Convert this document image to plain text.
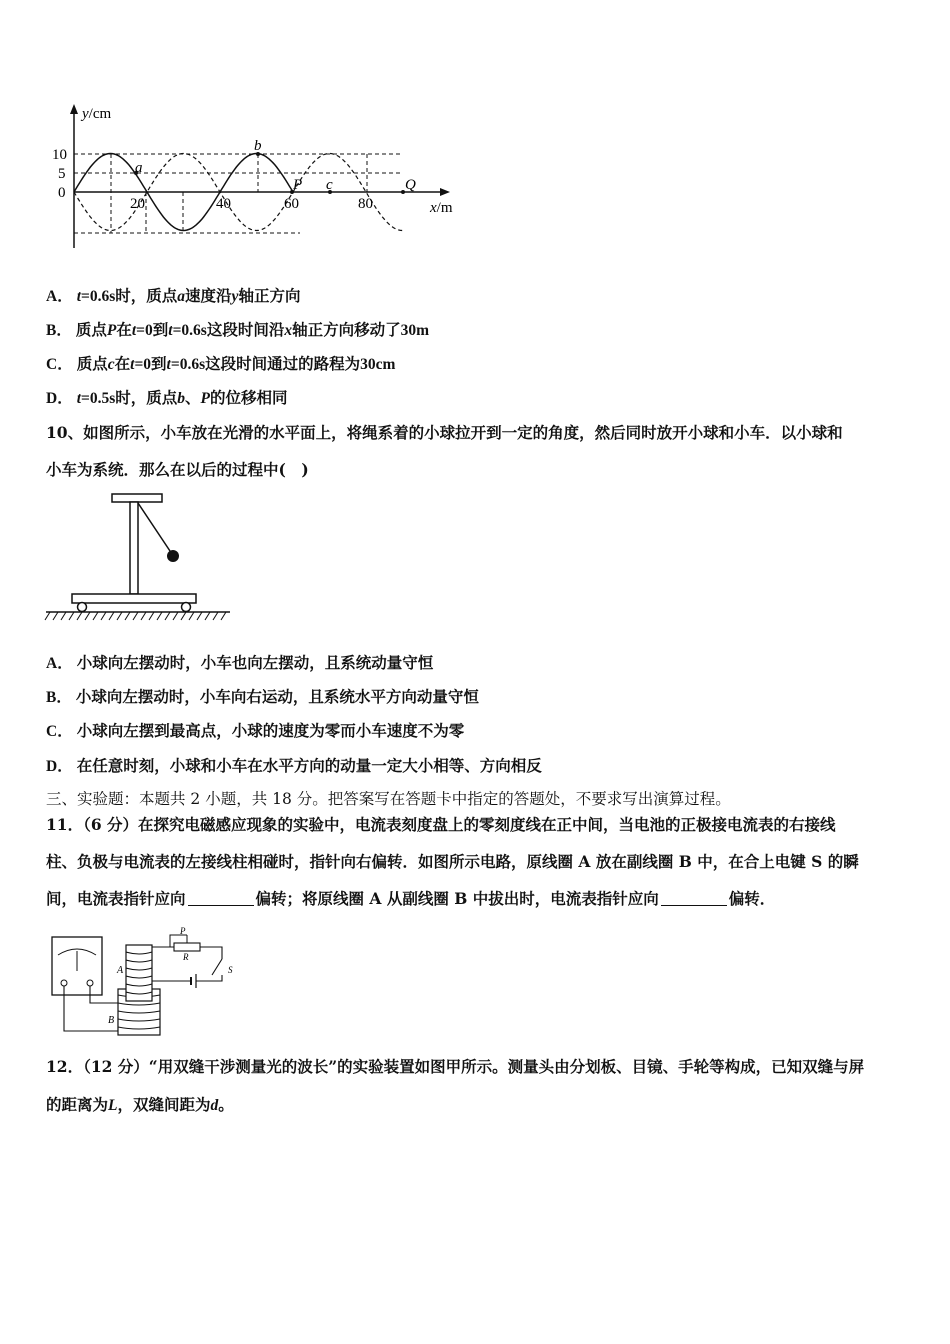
y/cm
x/m
10
5
0
20	40	60	80
a
b
P c	Q
A． t=0.6s时，质点a速度沿y轴正方向
B． 质点P在t=0到t=0.6s这段时间沿x轴正方向移动了30m
C． 质点c在t=0到t=0.6s这段时间通过的路程为30cm
D． t=0.5s时，质点b、P的位移相同
10、如图所示，小车放在光滑的水平面上，将绳系着的小球拉开到一定的角度，然后同时放开小球和小车．以小球和
小车为系统．那么在以后的过程中(　)
A． 小球向左摆动时，小车也向左摆动，且系统动量守恒
B． 小球向左摆动时，小车向右运动，且系统水平方向动量守恒
C． 小球向左摆到最高点，小球的速度为零而小车速度不为零
D． 在任意时刻，小球和小车在水平方向的动量一定大小相等、方向相反
三、实验题：本题共 2 小题，共 18 分。把答案写在答题卡中指定的答题处，不要求写出演算过程。
11．（6 分）在探究电磁感应现象的实验中，电流表刻度盘上的零刻度线在正中间，当电池的正极接电流表的右接线
柱、负极与电流表的左接线柱相碰时，指针向右偏转．如图所示电路，原线圈 A 放在副线圈 B 中，在合上电键 S 的瞬
间，电流表指针应向	偏转；将原线圈 A 从副线圈 B 中拔出时，电流表指针应向	偏转．
P
R
A
B
S
12．（12 分）“用双缝干涉测量光的波长”的实验装置如图甲所示。测量头由分划板、目镜、手轮等构成，已知双缝与屏
的距离为L，双缝间距为d。
